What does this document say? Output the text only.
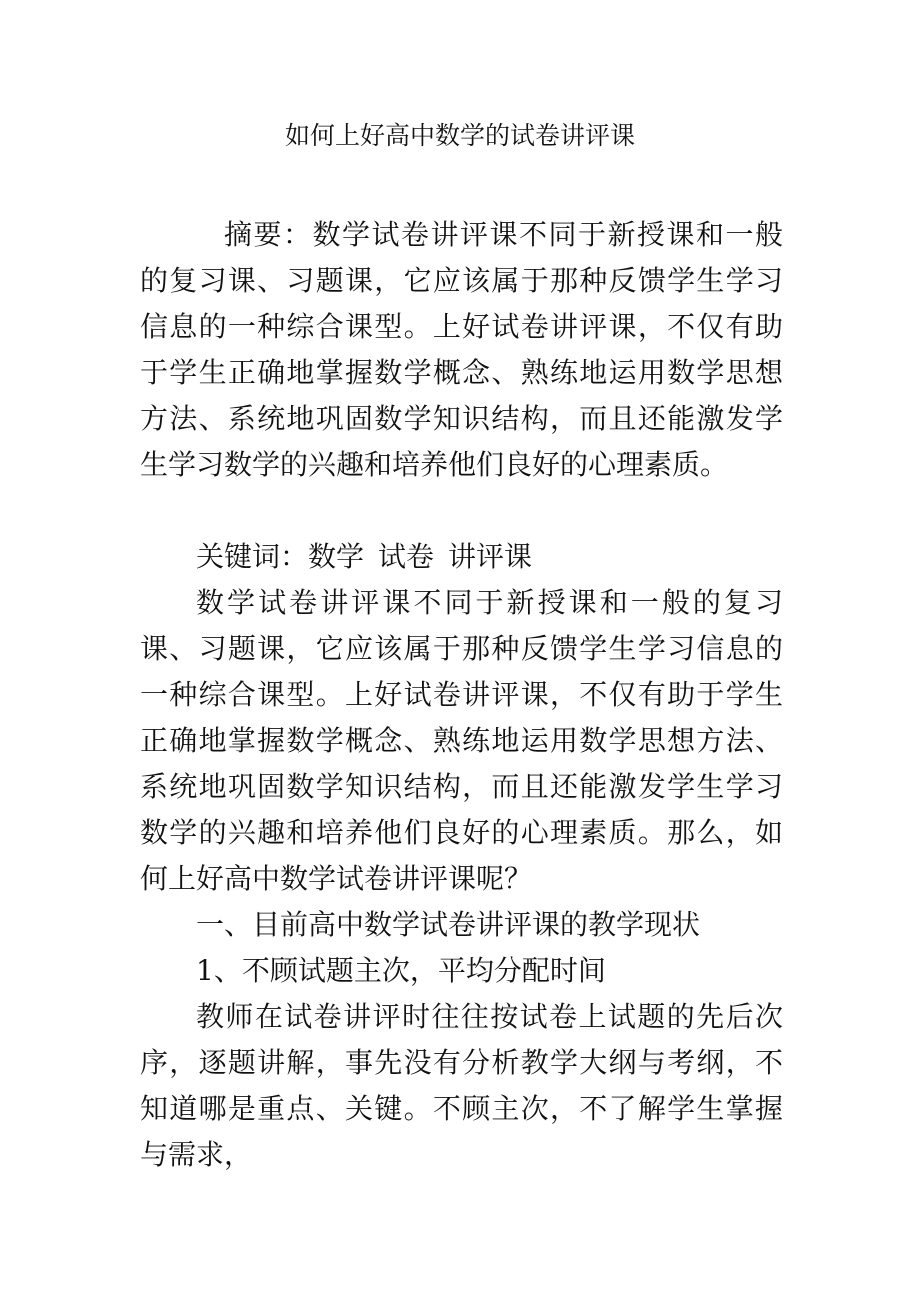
如何上好高中数学的试卷讲评课

摘要：数学试卷讲评课不同于新授课和一般的复习课、习题课，它应该属于那种反馈学生学习信息的一种综合课型。上好试卷讲评课，不仅有助于学生正确地掌握数学概念、熟练地运用数学思想方法、系统地巩固数学知识结构，而且还能激发学生学习数学的兴趣和培养他们良好的心理素质。

关键词：数学 试卷 讲评课

数学试卷讲评课不同于新授课和一般的复习课、习题课，它应该属于那种反馈学生学习信息的一种综合课型。上好试卷讲评课，不仅有助于学生正确地掌握数学概念、熟练地运用数学思想方法、系统地巩固数学知识结构，而且还能激发学生学习数学的兴趣和培养他们良好的心理素质。那么，如何上好高中数学试卷讲评课呢？

一、目前高中数学试卷讲评课的教学现状

1、不顾试题主次，平均分配时间

教师在试卷讲评时往往按试卷上试题的先后次序，逐题讲解，事先没有分析教学大纲与考纲，不知道哪是重点、关键。不顾主次，不了解学生掌握与需求，
